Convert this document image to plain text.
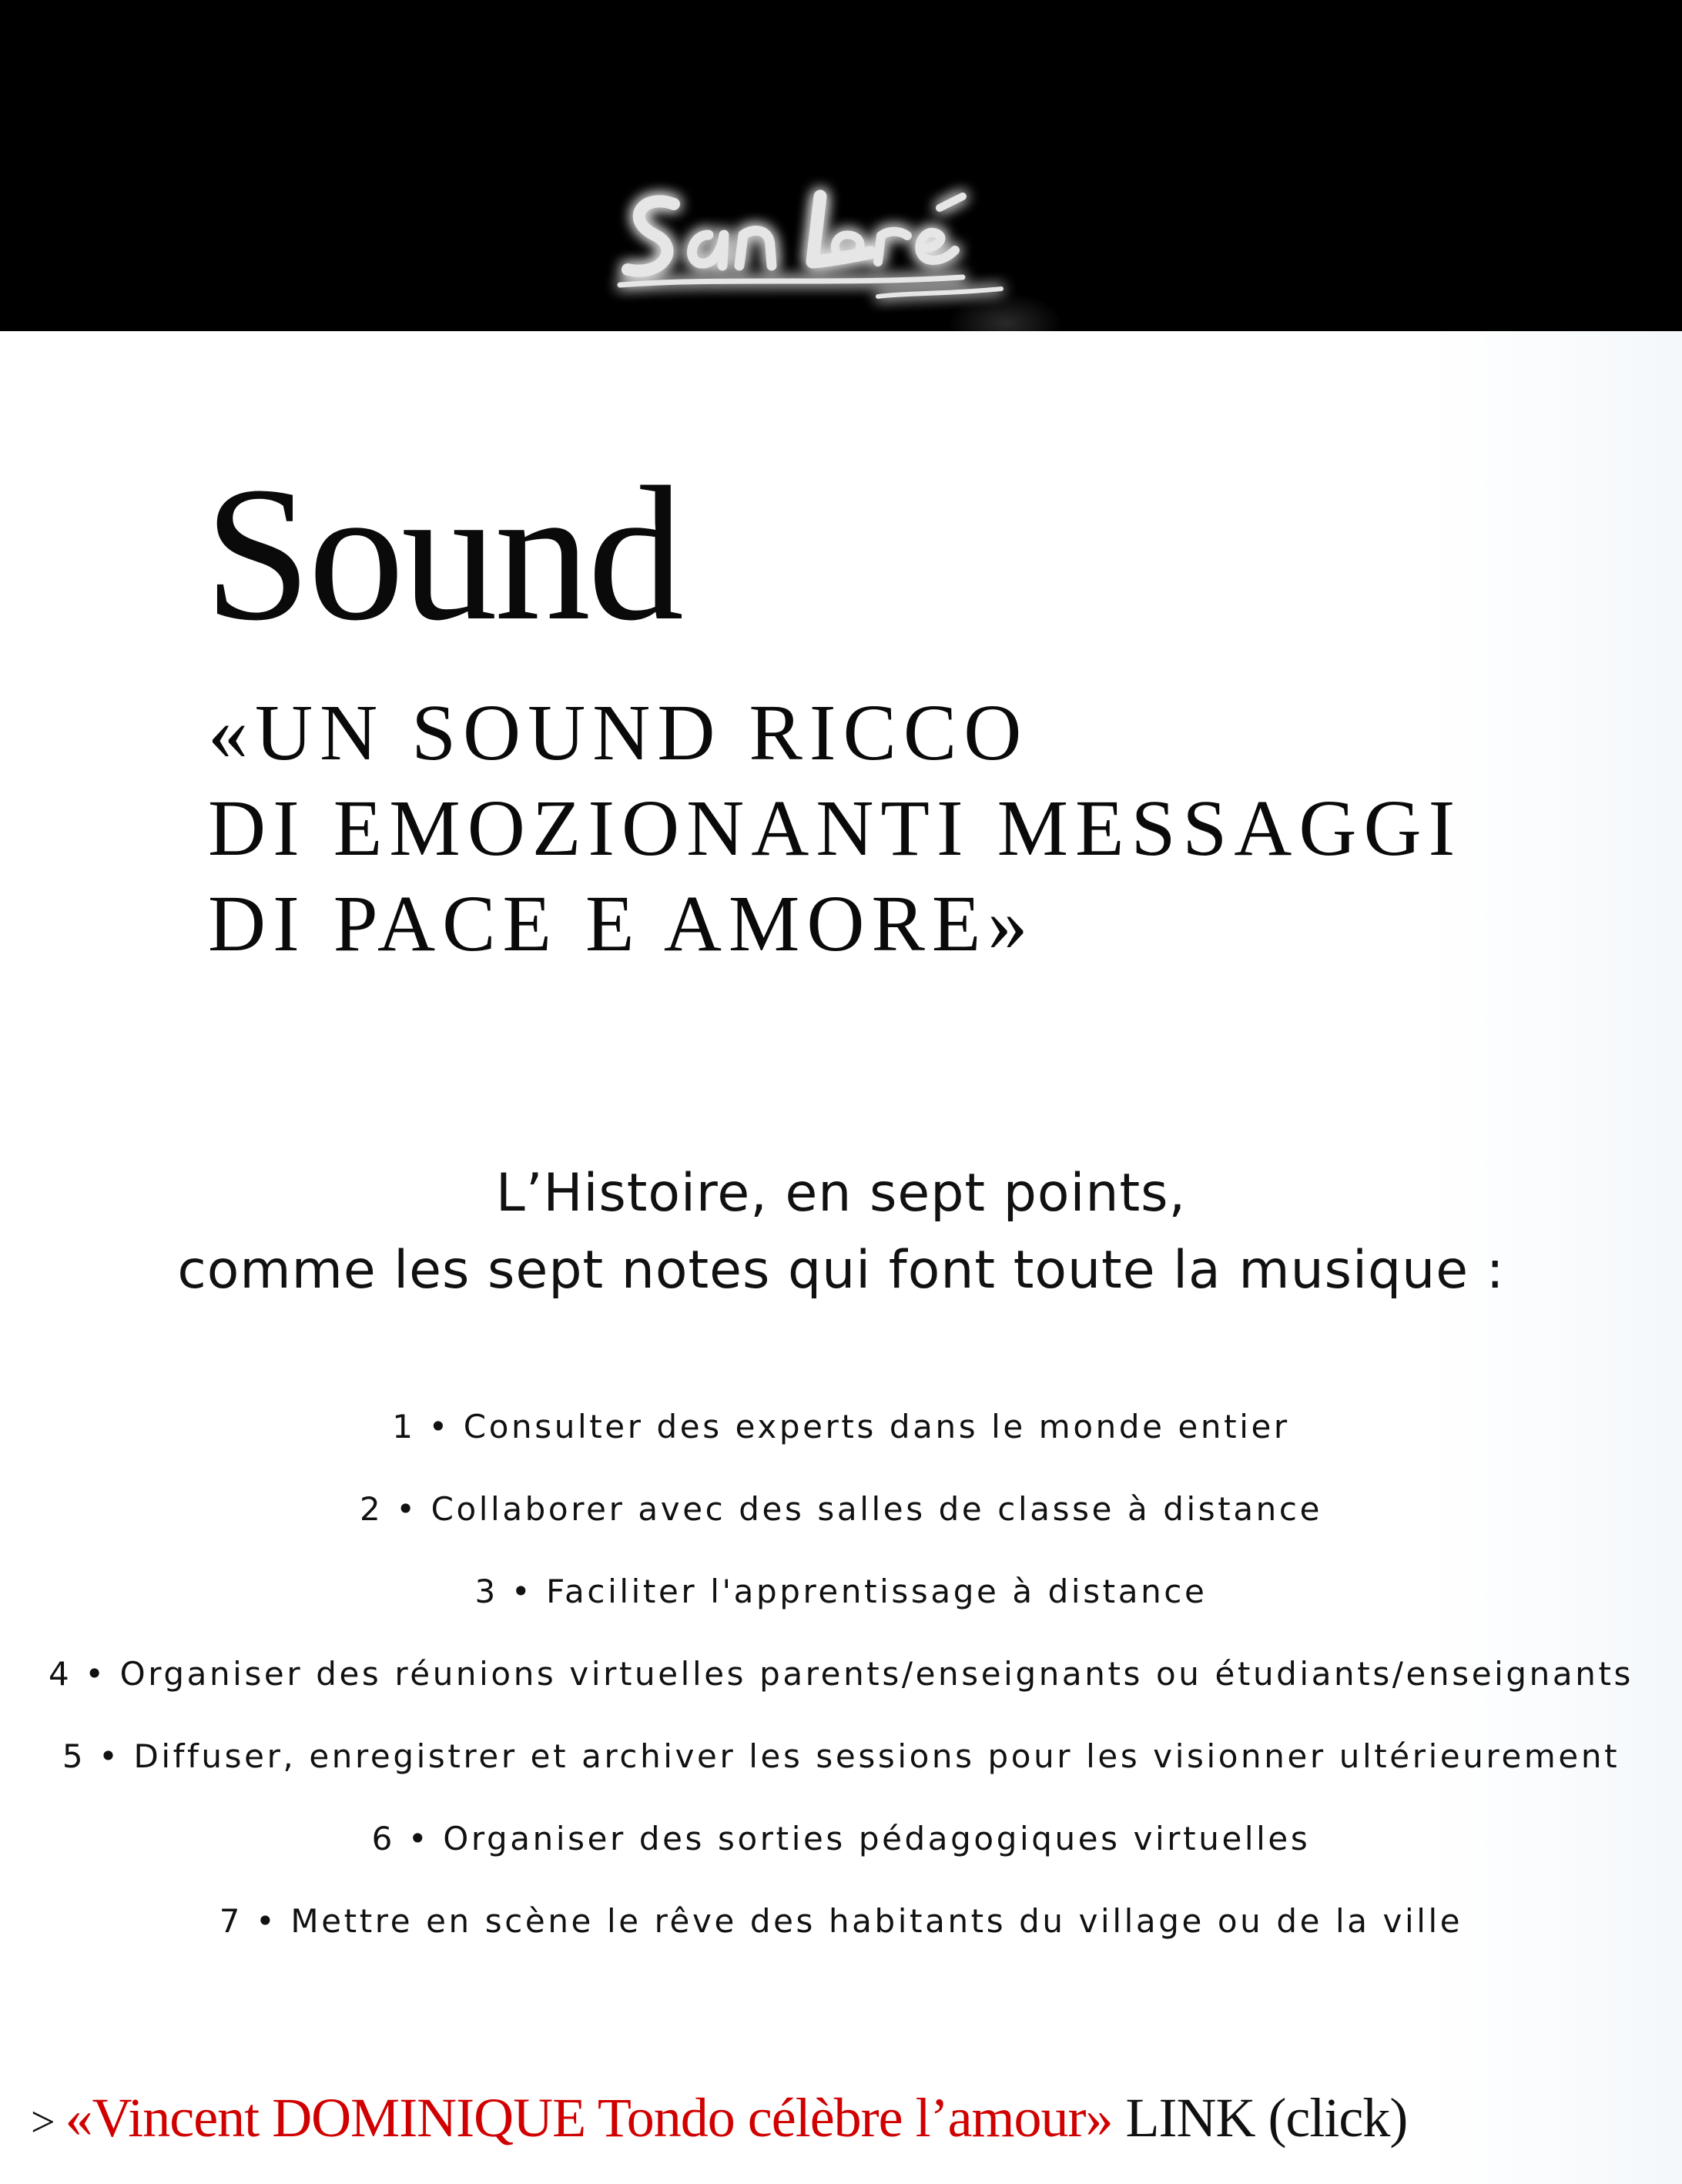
Sound
«UN SOUND RICCO
DI EMOZIONANTI MESSAGGI
DI PACE E AMORE»
L’Histoire, en sept points,
comme les sept notes qui font toute la musique :
1 • Consulter des experts dans le monde entier
2 • Collaborer avec des salles de classe à distance
3 • Faciliter l'apprentissage à distance
4 • Organiser des réunions virtuelles parents/enseignants ou étudiants/enseignants
5 • Diffuser, enregistrer et archiver les sessions pour les visionner ultérieurement
6 • Organiser des sorties pédagogiques virtuelles
7 • Mettre en scène le rêve des habitants du village ou de la ville
> «Vincent DOMINIQUE Tondo célèbre l’amour» LINK (click)
